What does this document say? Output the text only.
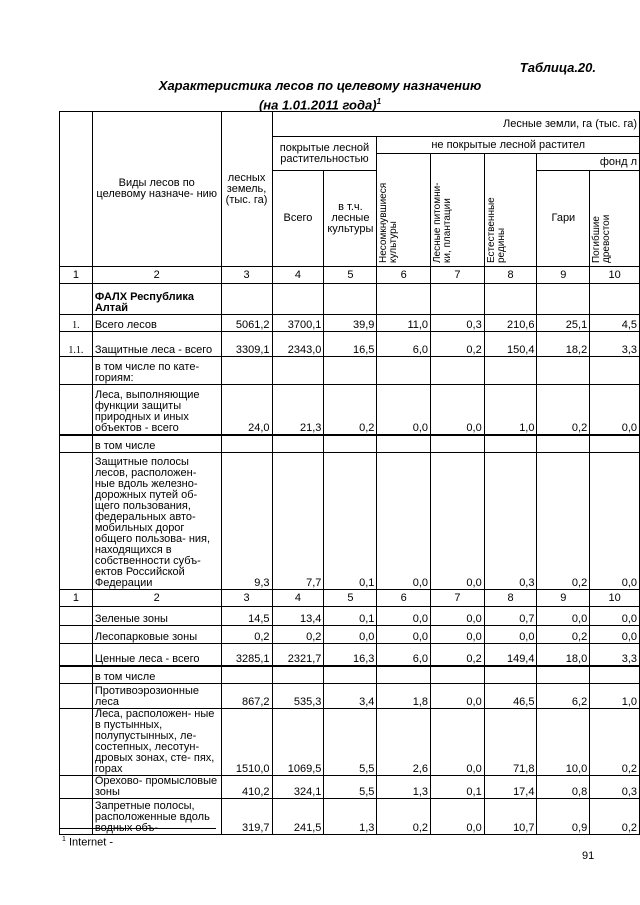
Таблица.20.
Характеристика лесов по целевому назначению
(на 1.01.2011 года)$^1$
	Виды лесов по целевому назначе- нию	лесных земель, (тыс. га)	Лесные земли, га (тыс. га)						
			покрытые лесной растительностью		не покрытые лесной растител				
					Несомкнувшиеся культуры	Лесные питомни- ки, плантации	Естественные редины	фонд л	
			Всего	в т.ч. лесные культуры				Гари	Погибшие древостои
1	2	3	4	5	6	7	8	9	10
	ФАЛХ Республика Алтай								
1.	Всего лесов	5061,2	3700,1	39,9	11,0	0,3	210,6	25,1	4,5
1.1.	Защитные леса - всего	3309,1	2343,0	16,5	6,0	0,2	150,4	18,2	3,3
	в том числе по кате- гориям:								
	Леса, выполняющие функции защиты природных и иных объектов - всего	24,0	21,3	0,2	0,0	0,0	1,0	0,2	0,0
	в том числе								
	Защитные полосы лесов, расположен- ные вдоль железно- дорожных путей об- щего пользования, федеральных авто- мобильных дорог общего пользова- ния, находящихся в собственности субъ- ектов Российской Федерации	9,3	7,7	0,1	0,0	0,0	0,3	0,2	0,0
1	2	3	4	5	6	7	8	9	10
	Зеленые зоны	14,5	13,4	0,1	0,0	0,0	0,7	0,0	0,0
	Лесопарковые зоны	0,2	0,2	0,0	0,0	0,0	0,0	0,2	0,0
	Ценные леса - всего	3285,1	2321,7	16,3	6,0	0,2	149,4	18,0	3,3
	в том числе								
	Противоэрозионные леса	867,2	535,3	3,4	1,8	0,0	46,5	6,2	1,0
	Леса, расположен- ные в пустынных, полупустынных, ле- состепных, лесотун- дровых зонах, сте- пях, горах	1510,0	1069,5	5,5	2,6	0,0	71,8	10,0	0,2
	Орехово- промысловые зоны	410,2	324,1	5,5	1,3	0,1	17,4	0,8	0,3
	Запретные полосы, расположенные вдоль водных объ-	319,7	241,5	1,3	0,2	0,0	10,7	0,9	0,2
$^1$ Internet -
91
